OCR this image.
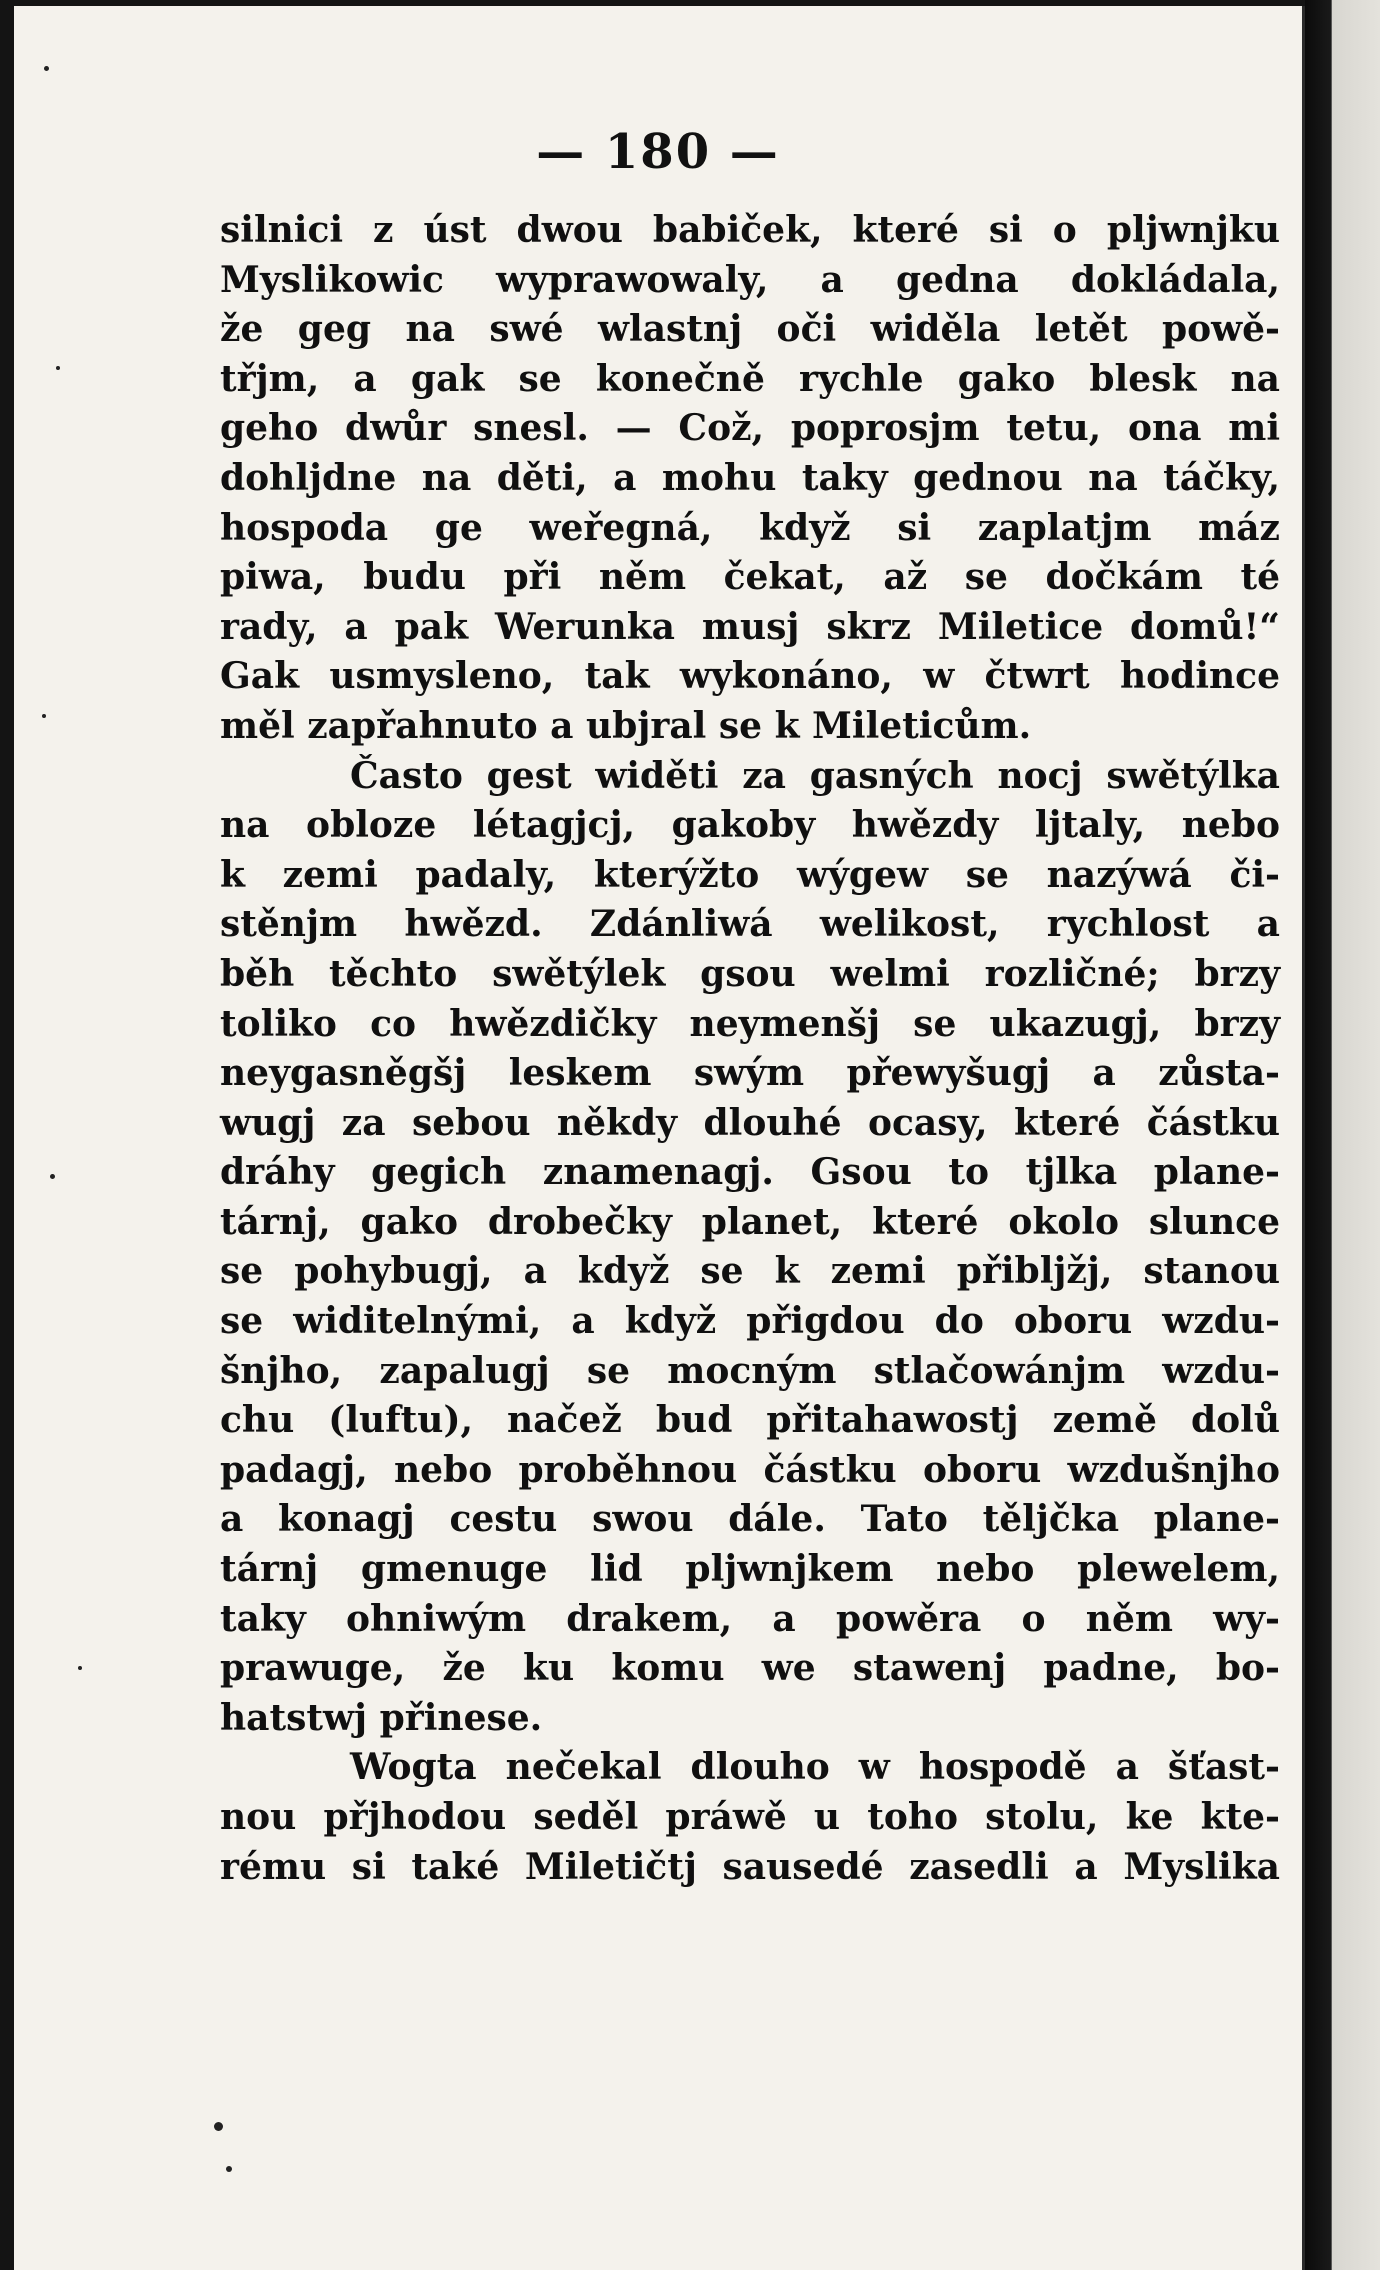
— 180 —
silnici z úst dwou babiček, které si o pljwnjku
Myslikowic wyprawowaly, a gedna dokládala,
že geg na swé wlastnj oči widěla letět powě-
třjm, a gak se konečně rychle gako blesk na
geho dwůr snesl. — Což, poprosjm tetu, ona mi
dohljdne na děti, a mohu taky gednou na táčky,
hospoda ge weřegná, když si zaplatjm máz
piwa, budu při něm čekat, až se dočkám té
rady, a pak Werunka musj skrz Miletice domů!“
Gak usmysleno, tak wykonáno, w čtwrt hodince
měl zapřahnuto a ubjral se k Mileticům.
Často gest widěti za gasných nocj swětýlka
na obloze létagjcj, gakoby hwězdy ljtaly, nebo
k zemi padaly, kterýžto wýgew se nazýwá či-
stěnjm hwězd. Zdánliwá welikost, rychlost a
běh těchto swětýlek gsou welmi rozličné; brzy
tolikо co hwězdičky neymenšj se ukazugj, brzy
neygasněgšj leskem swým přewyšugj a zůsta-
wugj za sebou někdy dlouhé ocasy, které částku
dráhy gegich znamenagj. Gsou to tjlka plane-
tárnj, gako drobečky planet, které okolo slunce
se pohybugj, a když se k zemi přibljžj, stanou
se widitelnými, a když přigdou do oboru wzdu-
šnjho, zapalugj se mocným stlačowánjm wzdu-
chu (luftu), načež bud přitahawostj země dolů
padagj, nebo proběhnou částku oboru wzdušnjho
a konagj cestu swou dále. Tato těljčka plane-
tárnj gmenuge lid pljwnjkem nebo plewelem,
taky ohniwým drakem, a powěra o něm wy-
prawuge, že ku komu we stawenj padne, bo-
hatstwj přinese.
Wogta nečekal dlouho w hospodě a šťast-
nou přjhodou seděl práwě u toho stolu, ke kte-
rému si také Miletičtj sausedé zasedli a Myslika
